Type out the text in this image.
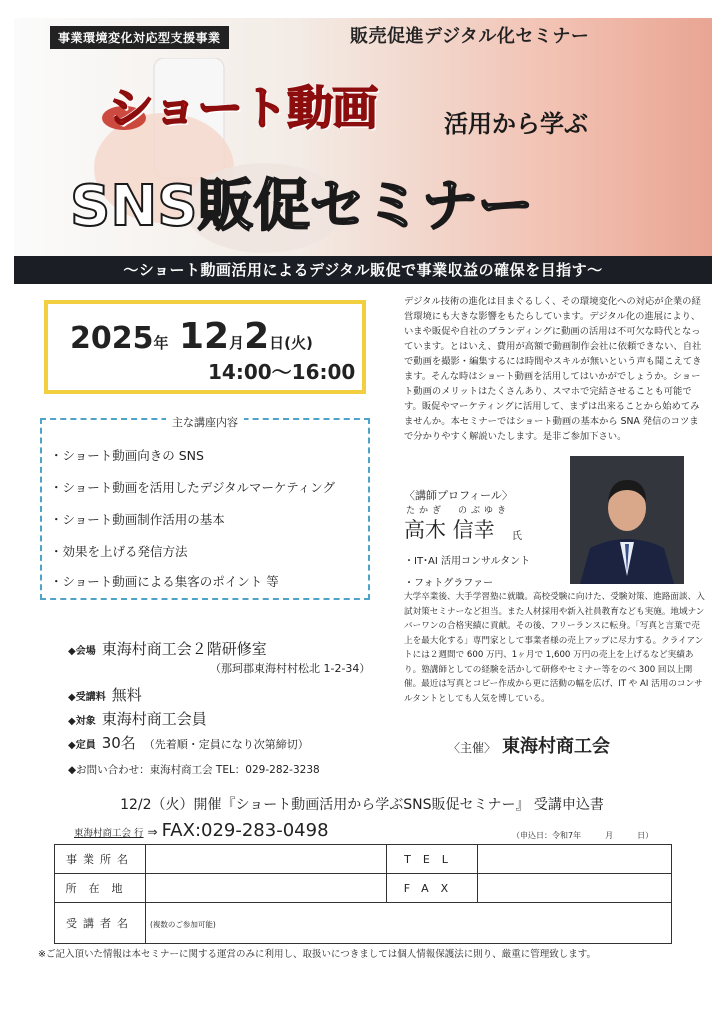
事業環境変化対応型支援事業	販売促進デジタル化セミナー
ショート動画	活用から学ぶ
SNS販促セミナー
〜ショート動画活用によるデジタル販促で事業収益の確保を目指す〜
2025年 12月2日(火)
14:00〜16:00
デジタル技術の進化は目まぐるしく、その環境変化への対応が企業の経営環境にも大きな影響をもたらしています。デジタル化の進展により、いまや販促や自社のブランディングに動画の活用は不可欠な時代となっています。とはいえ、費用が高額で動画制作会社に依頼できない、自社で動画を撮影・編集するには時間やスキルが無いという声も聞こえてきます。そんな時はショート動画を活用してはいかがでしょうか。ショート動画のメリットはたくさんあり、スマホで完結させることも可能です。販促やマーケティングに活用して、まずは出来ることから始めてみませんか。本セミナーではショート動画の基本から SNA 発信のコツまで分かりやすく解説いたします。是非ご参加下さい。
主な講座内容
・ショート動画向きの SNS
・ショート動画を活用したデジタルマーケティング
・ショート動画制作活用の基本
・効果を上げる発信方法
・ショート動画による集客のポイント 等
〈講師プロフィール〉
たかぎ　のぶゆき
高木 信幸 氏
・IT･AI 活用コンサルタント
・フォトグラファー
大学卒業後、大手学習塾に就職。高校受験に向けた、受験対策、進路面談、入試対策セミナーなど担当。また人材採用や新入社員教育なども実施。地域ナンバーワンの合格実績に貢献。その後、フリーランスに転身。「写真と言葉で売上を最大化する」専門家として事業者様の売上アップに尽力する。クライアントには２週間で 600 万円、1ヶ月で 1,600 万円の売上を上げるなど実績あり。塾講師としての経験を活かして研修やセミナー等をのべ 300 回以上開催。最近は写真とコピー作成から更に活動の幅を広げ、IT や AI 活用のコンサルタントとしても人気を博している。
◆会場 東海村商工会２階研修室
（那珂郡東海村村松北 1-2-34）
◆受講料 無料
◆対象 東海村商工会員
◆定員 30名 （先着順・定員になり次第締切）	〈主催〉 東海村商工会
◆お問い合わせ：東海村商工会 TEL：029-282-3238
12/2（火）開催『ショート動画活用から学ぶSNS販促セミナー』 受講申込書
東海村商工会 行 ⇒ FAX:029-283-0498	（申込日：令和7年　　　月　　　日）
事業所名		TEL	
所在地		FAX	
受講者名	(複数のご参加可能)		
※ご記入頂いた情報は本セミナーに関する運営のみに利用し、取扱いにつきましては個人情報保護法に則り、厳重に管理致します。
